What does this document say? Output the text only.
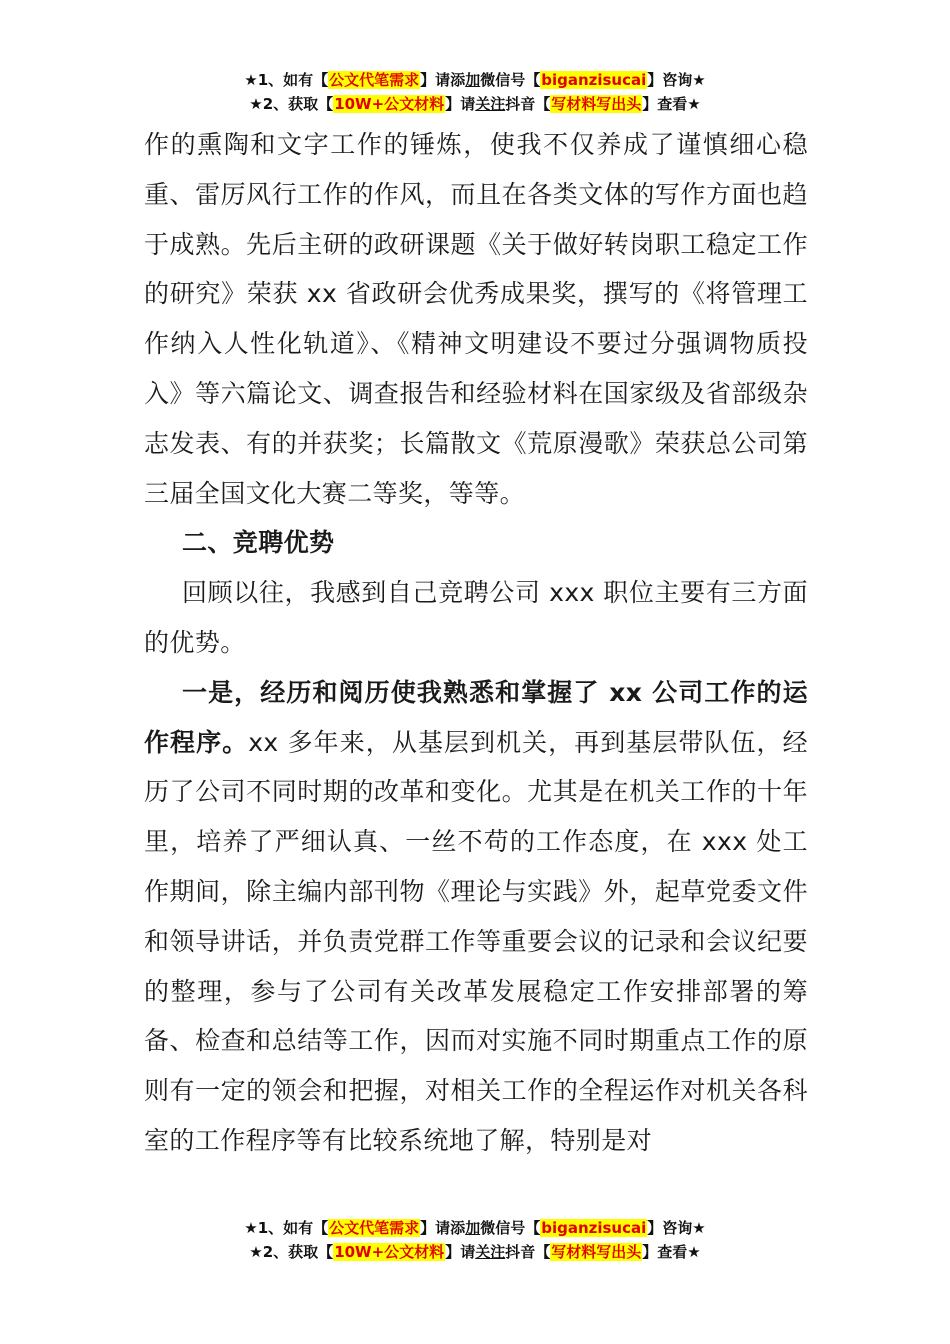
★1、如有【公文代笔需求】请添加微信号【biganzisucai】咨询★
★2、获取【10W+公文材料】请关注抖音【写材料写出头】查看★

作的熏陶和文字工作的锤炼，使我不仅养成了谨慎细心稳重、雷厉风行工作的作风，而且在各类文体的写作方面也趋于成熟。先后主研的政研课题《关于做好转岗职工稳定工作的研究》荣获 xx 省政研会优秀成果奖，撰写的《将管理工作纳入人性化轨道》、《精神文明建设不要过分强调物质投入》等六篇论文、调查报告和经验材料在国家级及省部级杂志发表、有的并获奖；长篇散文《荒原漫歌》荣获总公司第三届全国文化大赛二等奖，等等。

二、竞聘优势

回顾以往，我感到自己竞聘公司 xxx 职位主要有三方面的优势。

一是，经历和阅历使我熟悉和掌握了 xx 公司工作的运作程序。xx 多年来，从基层到机关，再到基层带队伍，经历了公司不同时期的改革和变化。尤其是在机关工作的十年里，培养了严细认真、一丝不苟的工作态度，在 xxx 处工作期间，除主编内部刊物《理论与实践》外，起草党委文件和领导讲话，并负责党群工作等重要会议的记录和会议纪要的整理，参与了公司有关改革发展稳定工作安排部署的筹备、检查和总结等工作，因而对实施不同时期重点工作的原则有一定的领会和把握，对相关工作的全程运作对机关各科室的工作程序等有比较系统地了解，特别是对

★1、如有【公文代笔需求】请添加微信号【biganzisucai】咨询★
★2、获取【10W+公文材料】请关注抖音【写材料写出头】查看★
